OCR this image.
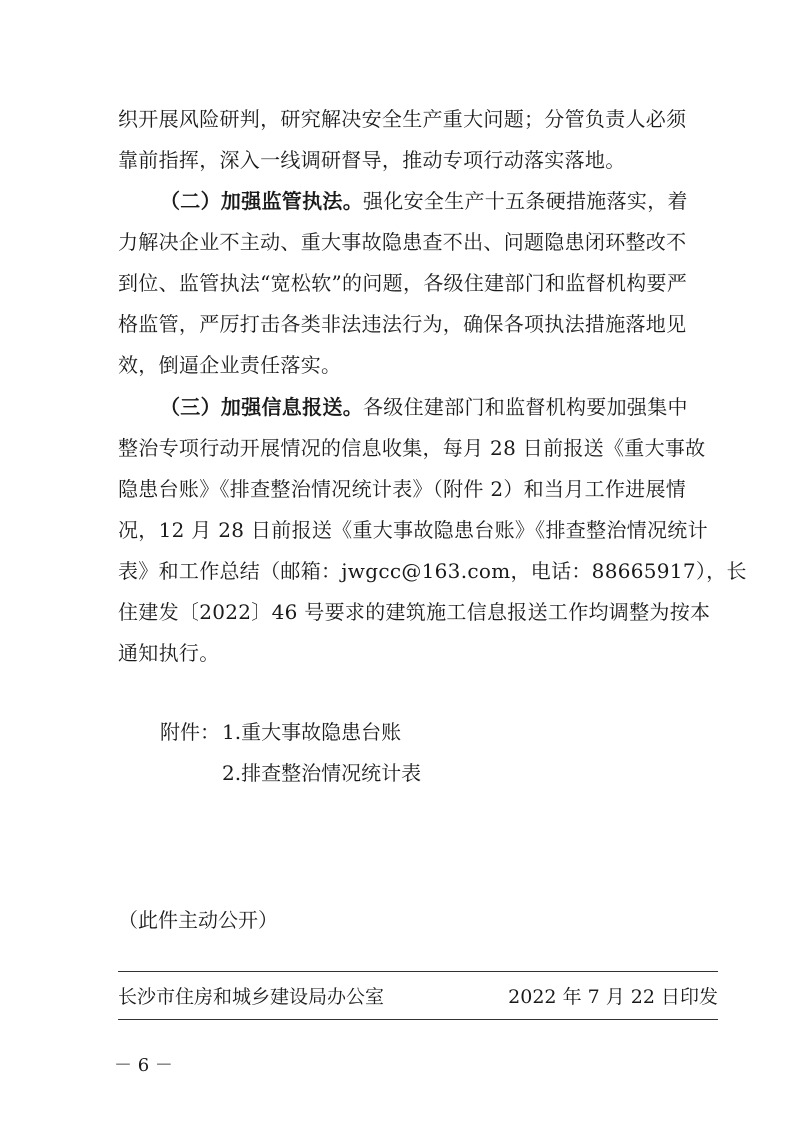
织开展风险研判，研究解决安全生产重大问题；分管负责人必须
靠前指挥，深入一线调研督导，推动专项行动落实落地。
（二）加强监管执法。强化安全生产十五条硬措施落实，着
力解决企业不主动、重大事故隐患查不出、问题隐患闭环整改不
到位、监管执法“宽松软”的问题，各级住建部门和监督机构要严
格监管，严厉打击各类非法违法行为，确保各项执法措施落地见
效，倒逼企业责任落实。
（三）加强信息报送。各级住建部门和监督机构要加强集中
整治专项行动开展情况的信息收集，每月 28 日前报送《重大事故
隐患台账》《排查整治情况统计表》（附件 2）和当月工作进展情
况，12 月 28 日前报送《重大事故隐患台账》《排查整治情况统计
表》和工作总结（邮箱：jwgcc@163.com，电话：88665917），长
住建发〔2022〕46 号要求的建筑施工信息报送工作均调整为按本
通知执行。
附件： 1.重大事故隐患台账
2.排查整治情况统计表
（此件主动公开）
长沙市住房和城乡建设局办公室	2022 年 7 月 22 日印发
－ 6 －
